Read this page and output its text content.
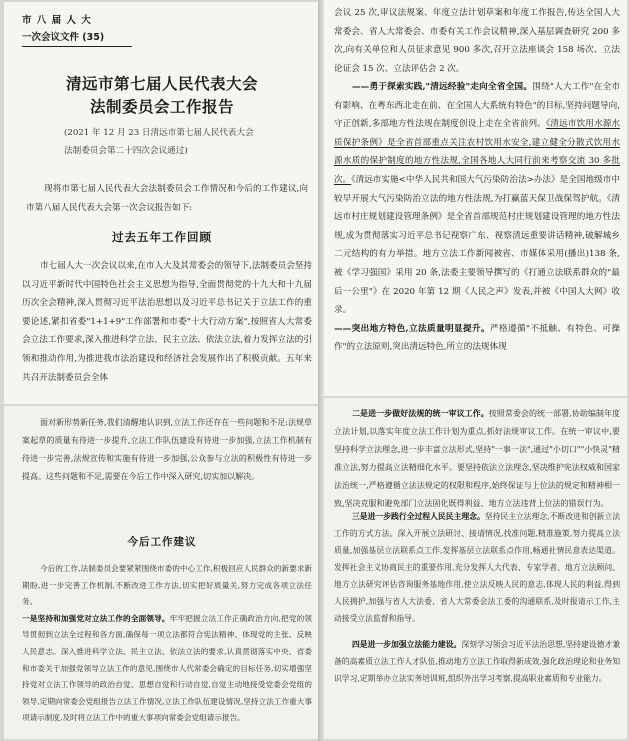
市 八 届 人 大
一次会议文件 (35)
清远市第七届人民代表大会
法制委员会工作报告
(2021 年 12 月 23 日清远市第七届人民代表大会
法制委员会第二十四次会议通过)

现将市第七届人民代表大会法制委员会工作情况和今后的工作建议,向市第八届人民代表大会第一次会议报告如下:

过去五年工作回顾

市七届人大一次会议以来,在市人大及其常委会的领导下,法制委员会坚持以习近平新时代中国特色社会主义思想为指导,全面贯彻党的十九大和十九届历次全会精神,深入贯彻习近平法治思想以及习近平总书记关于立法工作的重要论述,紧扣省委"1+1+9"工作部署和市委"十大行动方案",按照省人大常委会立法工作要求,深入推进科学立法、民主立法、依法立法,着力发挥立法的引领和推动作用,为推进我市法治建设和经济社会发展作出了积极贡献。五年来共召开法制委员会全体

面对新形势新任务,我们清醒地认识到,立法工作还存在一些问题和不足:法规草案起草的质量有待进一步提升,立法工作队伍建设有待进一步加强,立法工作机制有待进一步完善,法规宣传和实施有待进一步加强,公众参与立法的积极性有待进一步提高。这些问题和不足,需要在今后工作中深入研究,切实加以解决。

今后工作建议

今后的工作,法制委员会要紧紧围绕市委的中心工作,积极回应人民群众的新要求新期盼,进一步完善工作机制,不断改进工作方法,切实把好质量关,努力完成各项立法任务。
一是坚持和加强党对立法工作的全面领导。牢牢把握立法工作正确政治方向,把党的领导贯彻到立法全过程和各方面,确保每一项立法都符合宪法精神、体现党的主张、反映人民意志。深入推进科学立法、民主立法、依法立法的要求,认真贯彻落实中央、省委和市委关于加强党领导立法工作的意见,围绕市人代常委会确定的目标任务,切实增强坚持党对立法工作领导的政治自觉、思想自觉和行动自觉,自觉主动地接受党委会党组的领导,定期向常委会党组报告立法工作情况,立法工作队伍建设情况,坚持立法工作重大事项请示制度,及时将立法工作中的重大事项向常委会党组请示报告。

会议 25 次,审议法规案、年度立法计划草案和年度工作报告,传达全国人大常委会、省人大常委会、市委有关工作会议精神,深入基层调查研究 200 多次,向有关单位和人员征求意见 900 多次,召开立法座谈会 158 场次、立法论证会 15 次、立法评估会 2 次。

——勇于探索实践,"清远经验"走向全省全国。围绕"人大工作"在全市有影响、在粤东西北走在前、在全国人大系统有特色"的目标,坚持问题导向,守正创新,多部地方性法规在制度创设上走在全省前列。《清远市饮用水源水质保护条例》是全省首部重点关注农村饮用水安全,建立健全分散式饮用水源水质的保护制度的地方性法规,全国各地人大同行前来考察交流 30 多批次。《清远市实施<中华人民共和国大气污染防治法>办法》是全国地级市中较早开展大气污染防治立法的地方性法规,为打赢蓝天保卫战保驾护航。《清远市村庄规划建设管理条例》是全省首部规范村庄规划建设管理的地方性法规,成为贯彻落实习近平总书记视察广东、视察清远重要讲话精神,破解城乡二元结构的有力举措。地方立法工作新闻被省、市媒体采用(播出)138 条,被《学习强国》采用 20 条,法委主要领导撰写的《打通立法联系群众的"最后一公里"》在 2020 年第 12 期《人民之声》发表,并被《中国人大网》收录。
——突出地方特色,立法质量明显提升。严格遵循"不抵触、有特色、可操作"的立法原则,突出清远特色,所立的法规体现

二是进一步做好法规的统一审议工作。按照常委会的统一部署,协助编制年度立法计划,以落实年度立法工作计划为重点,抓好法规审议工作。在统一审议中,要坚持科学立法理念,进一步丰富立法形式,坚持"一事一法",通过"小切口""小快灵"精准立法,努力提高立法精细化水平。要坚持依法立法理念,坚决维护宪法权威和国家法治统一,严格遵循立法法规定的权限和程序,始终保证与上位法的规定和精神相一致,坚决克服和避免部门立法固化既得利益、地方立法违背上位法的错误行为。

三是进一步践行全过程人民民主理念。坚持民主立法理念,不断改进和创新立法工作的方式方法。深入开展立法研讨、接请情况,找准问题,精准施策,努力提高立法质量,加强基层立法联系点工作,发挥基层立法联系点作用,畅通社情民意表达渠道。发挥社会主义协商民主的重要作用,充分发挥人大代表、专家学者、地方立法顾问、地方立法研究评估咨询服务基地作用,使立法反映人民的意志,体现人民的利益,得到人民拥护,加强与省人大法委、省人大常委会法工委的沟通联系,及时报请示工作,主动接受立法监督和指导。

四是进一步加强立法能力建设。深刻学习领会习近平法治思想,坚持建设德才兼备的高素质立法工作人才队伍,推动地方立法工作取得新成效,强化政治理论和业务知识学习,定期举办立法实务培训班,组织外出学习考察,提高职业素质和专业能力。
